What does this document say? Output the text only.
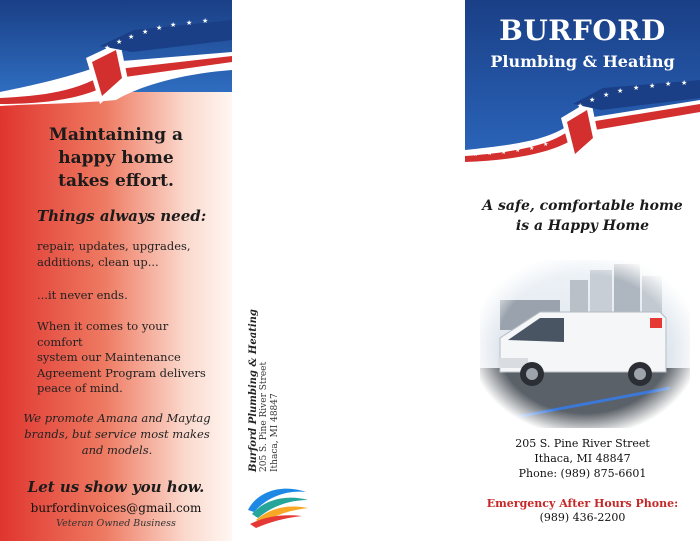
★
★
★
★ ★ ★ ★ ★
★ ★ ★ ★ ★
★
Maintaining a
happy home
takes effort.
Things always need:
repair, updates, upgrades,
additions, clean up...
...it never ends.
When it comes to your comfort
system our Maintenance
Agreement Program delivers
peace of mind.
We promote Amana and Maytag
brands, but service most makes
and models.
Let us show you how.
burfordinvoices@gmail.com
Veteran Owned Business
Burford Plumbing & Heating 205 S. Pine River Street Ithaca, MI 48847
★
★
★ ★ ★ ★ ★ ★
★ ★ ★ ★ ★
★
BURFORD
Plumbing & Heating
A safe, comfortable home
is a Happy Home
205 S. Pine River Street
Ithaca, MI 48847
Phone: (989) 875-6601
Emergency After Hours Phone:
(989) 436-2200
